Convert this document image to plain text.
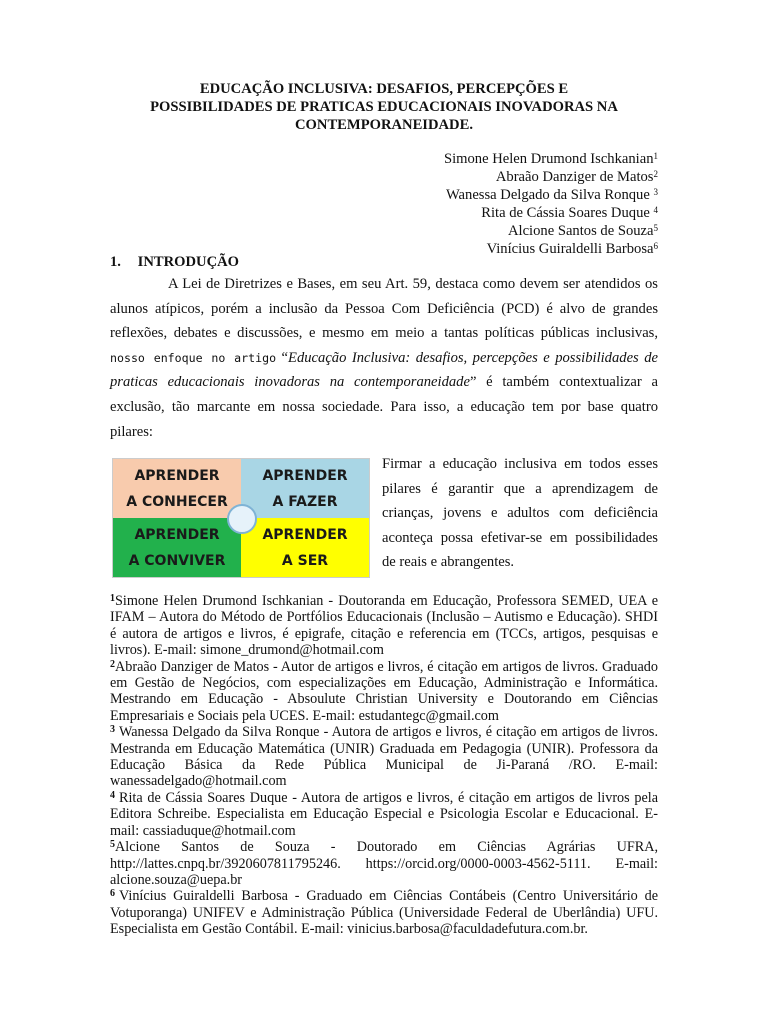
EDUCAÇÃO INCLUSIVA: DESAFIOS, PERCEPÇÕES E
POSSIBILIDADES DE PRATICAS EDUCACIONAIS INOVADORAS NA
CONTEMPORANEIDADE.
Simone Helen Drumond Ischkanian$^1$
Abraão Danziger de Matos$^2$
Wanessa Delgado da Silva Ronque $^3$
Rita de Cássia Soares Duque $^4$
Alcione Santos de Souza$^5$
Vinícius Guiraldelli Barbosa$^6$
1. INTRODUÇÃO
A Lei de Diretrizes e Bases, em seu Art. 59, destaca como devem ser atendidos os alunos atípicos, porém a inclusão da Pessoa Com Deficiência (PCD) é alvo de grandes reflexões, debates e discussões, e mesmo em meio a tantas políticas públicas inclusivas, nosso enfoque no artigo “Educação Inclusiva: desafios, percepções e possibilidades de praticas educacionais inovadoras na contemporaneidade” é também contextualizar a exclusão, tão marcante em nossa sociedade. Para isso, a educação tem por base quatro pilares:
APRENDER
A CONHECER
APRENDER
A FAZER
APRENDER
A CONVIVER
APRENDER
A SER
Firmar a educação inclusiva em todos esses pilares é garantir que a aprendizagem de crianças, jovens e adultos com deficiência aconteça possa efetivar-se em possibilidades de reais e abrangentes.

$^1$Simone Helen Drumond Ischkanian - Doutoranda em Educação, Professora SEMED, UEA e IFAM – Autora do Método de Portfólios Educacionais (Inclusão – Autismo e Educação). SHDI é autora de artigos e livros, é epigrafe, citação e referencia em (TCCs, artigos, pesquisas e livros). E-mail: simone_drumond@hotmail.com

$^2$Abraão Danziger de Matos - Autor de artigos e livros, é citação em artigos de livros. Graduado em Gestão de Negócios, com especializações em Educação, Administração e Informática. Mestrando em Educação - Absoulute Christian University e Doutorando em Ciências Empresariais e Sociais pela UCES. E-mail: estudantegc@gmail.com

$^3$ Wanessa Delgado da Silva Ronque - Autora de artigos e livros, é citação em artigos de livros. Mestranda em Educação Matemática (UNIR) Graduada em Pedagogia (UNIR). Professora da Educação Básica da Rede Pública Municipal de Ji-Paraná /RO. E-mail: wanessadelgado@hotmail.com

$^4$ Rita de Cássia Soares Duque - Autora de artigos e livros, é citação em artigos de livros pela Editora Schreibe. Especialista em Educação Especial e Psicologia Escolar e Educacional. E-mail: cassiaduque@hotmail.com

$^5$Alcione Santos de Souza - Doutorado em Ciências Agrárias UFRA, http://lattes.cnpq.br/3920607811795246. https://orcid.org/0000-0003-4562-5111. E-mail: alcione.souza@uepa.br

$^6$ Vinícius Guiraldelli Barbosa - Graduado em Ciências Contábeis (Centro Universitário de Votuporanga) UNIFEV e Administração Pública (Universidade Federal de Uberlândia) UFU. Especialista em Gestão Contábil. E-mail: vinicius.barbosa@faculdadefutura.com.br.
